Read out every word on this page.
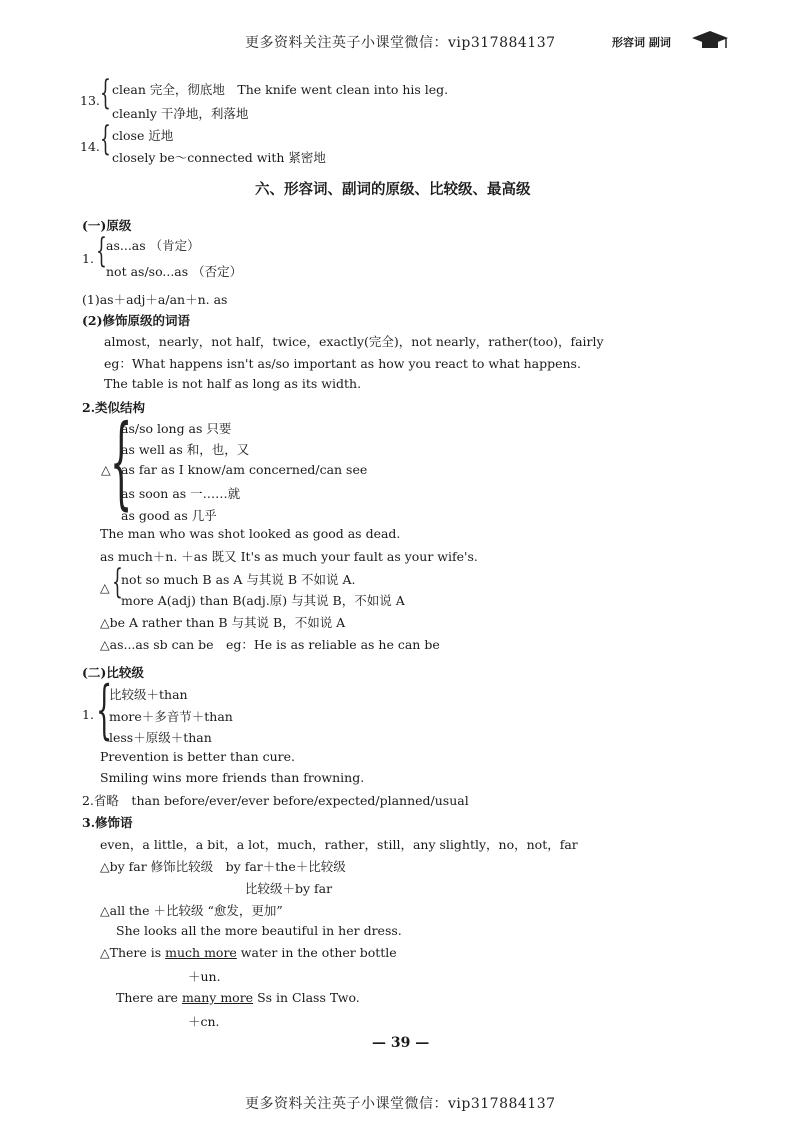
更多资料关注英子小课堂微信：vip317884137	形容词 副词
13. { clean 完全，彻底地　The knife went clean into his leg.
cleanly 干净地，利落地
14. { close 近地
closely be～connected with 紧密地
六、形容词、副词的原级、比较级、最高级
(一)原级
1. { as...as （肯定）
not as/so...as （否定）
(1)as＋adj＋a/an＋n. as
(2)修饰原级的词语
almost，nearly，not half，twice，exactly(完全)，not nearly，rather(too)，fairly
eg：What happens isn't as/so important as how you react to what happens.
The table is not half as long as its width.
2.类似结构
△ {
as/so long as 只要
as well as 和，也，又
as far as I know/am concerned/can see
as soon as 一……就
as good as 几乎
The man who was shot looked as good as dead.
as much＋n. ＋as 既又 It's as much your fault as your wife's.
△ {
not so much B as A 与其说 B 不如说 A.
more A(adj) than B(adj.原) 与其说 B，不如说 A
△be A rather than B 与其说 B，不如说 A
△as...as sb can be　eg：He is as reliable as he can be
(二)比较级
1. {
比较级＋than
more＋多音节＋than
less＋原级＋than
Prevention is better than cure.
Smiling wins more friends than frowning.
2.省略　than before/ever/ever before/expected/planned/usual
3.修饰语
even，a little，a bit，a lot，much，rather，still，any slightly，no，not，far
△by far 修饰比较级　by far＋the＋比较级
比较级＋by far
△all the ＋比较级 “愈发，更加”
She looks all the more beautiful in her dress.
△There is much more water in the other bottle
＋un.
There are many more Ss in Class Two.
＋cn.
— 39 —
更多资料关注英子小课堂微信：vip317884137
